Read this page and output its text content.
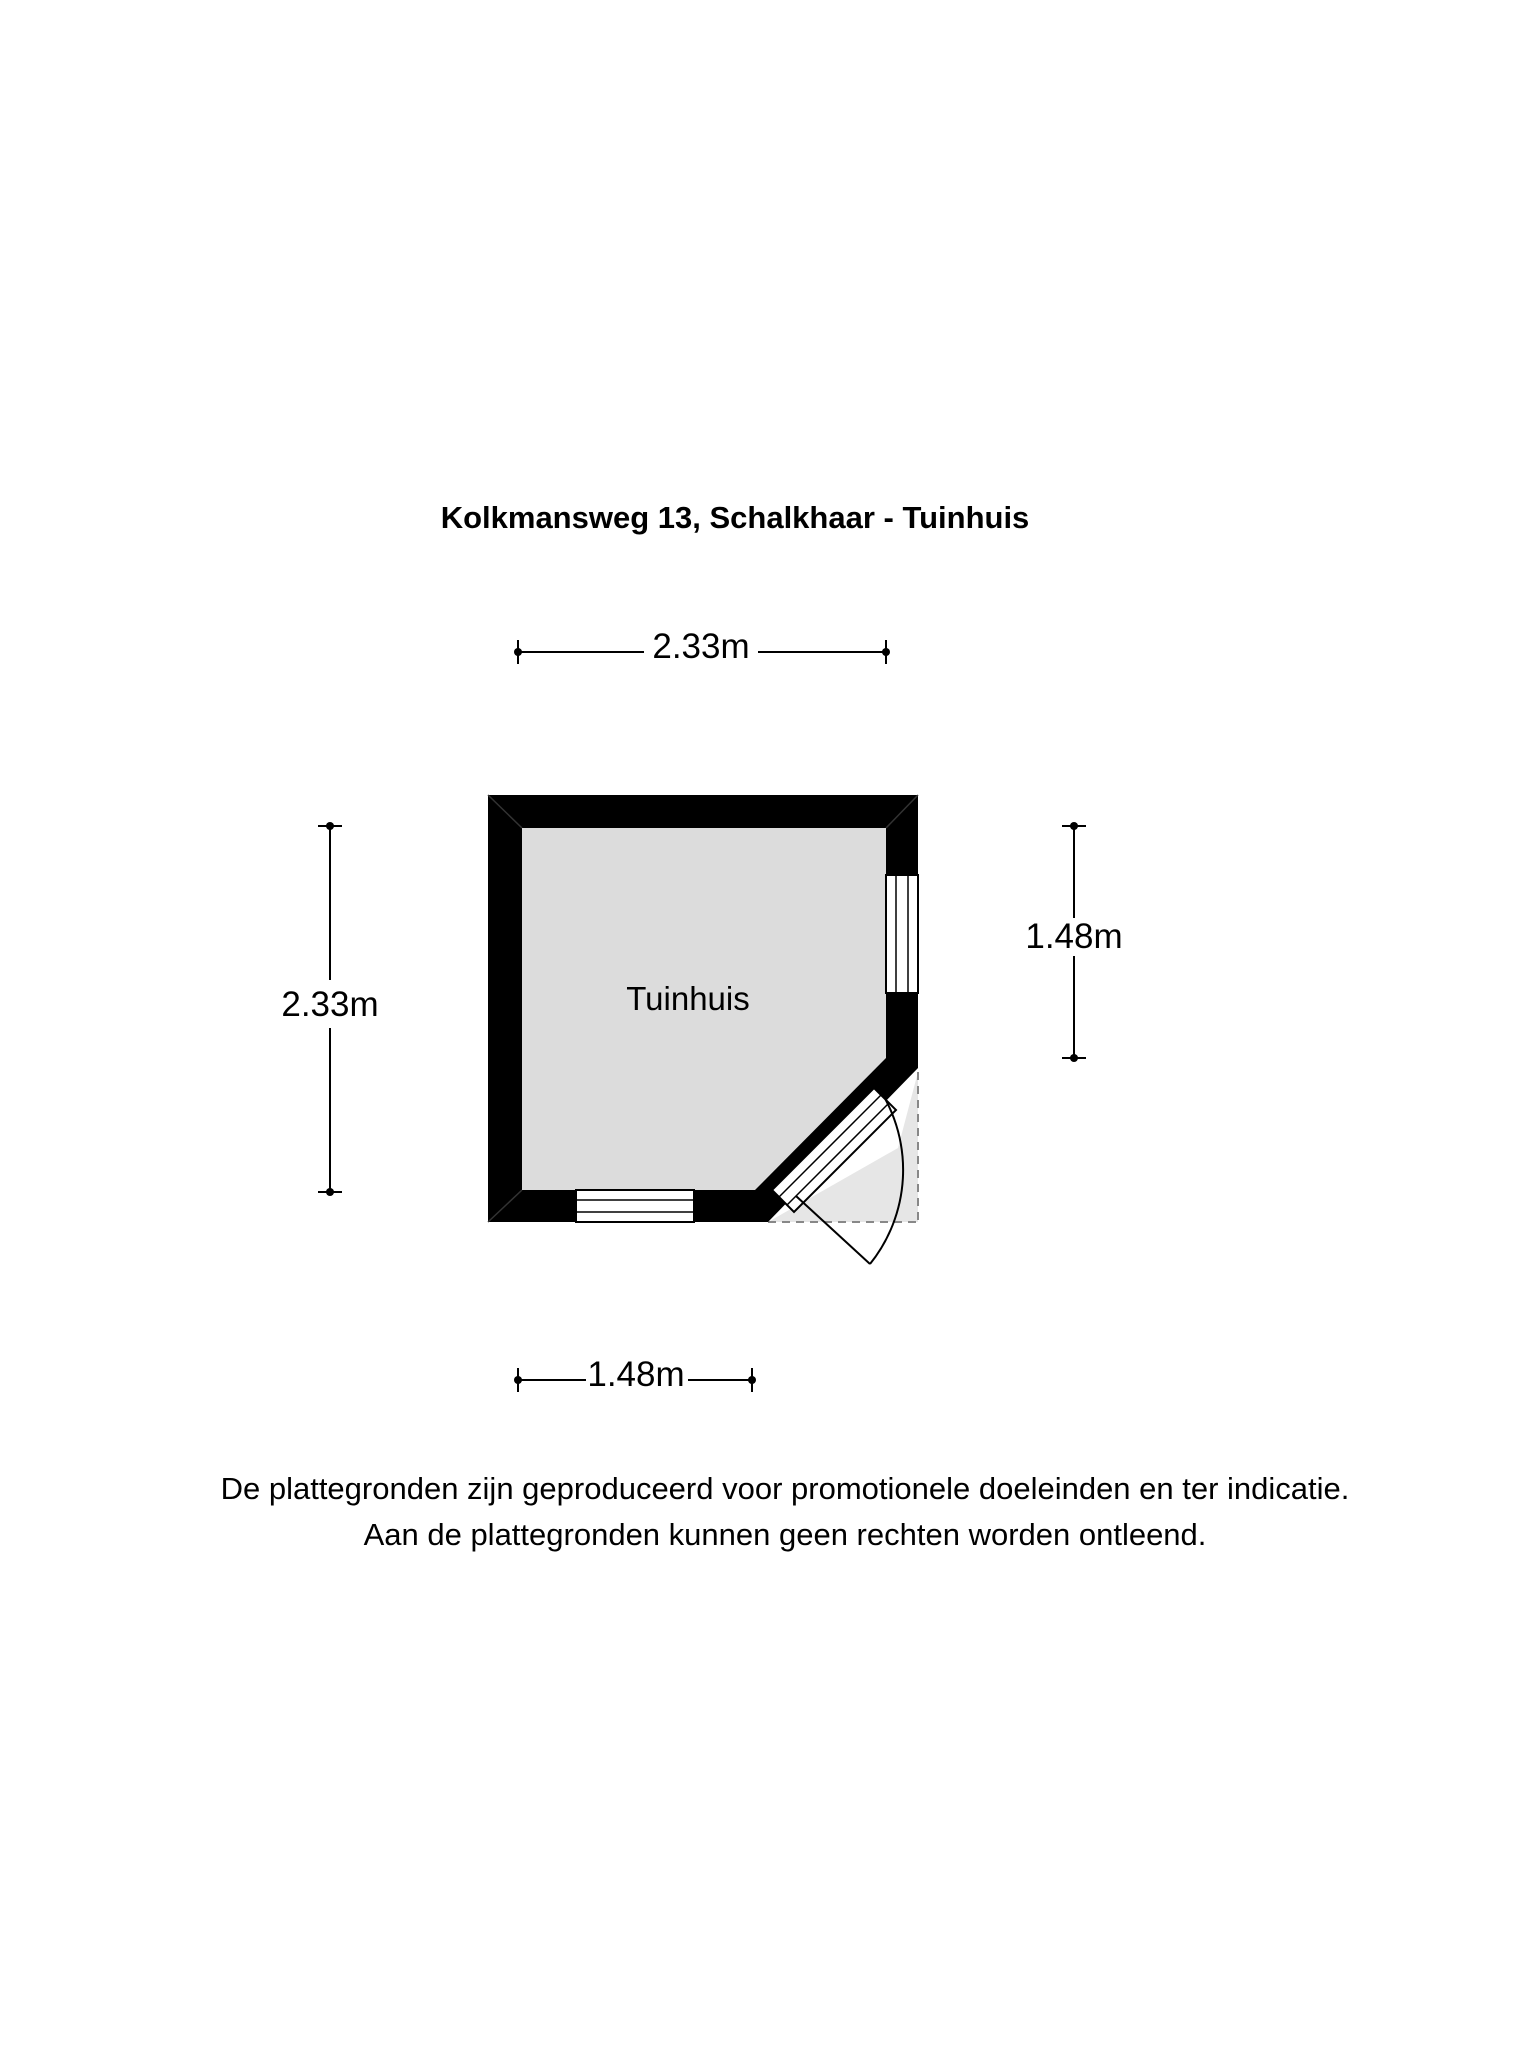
Kolkmansweg 13, Schalkhaar - Tuinhuis
2.33m
2.33m
1.48m
1.48m
Tuinhuis
De plattegronden zijn geproduceerd voor promotionele doeleinden en ter indicatie.
Aan de plattegronden kunnen geen rechten worden ontleend.
